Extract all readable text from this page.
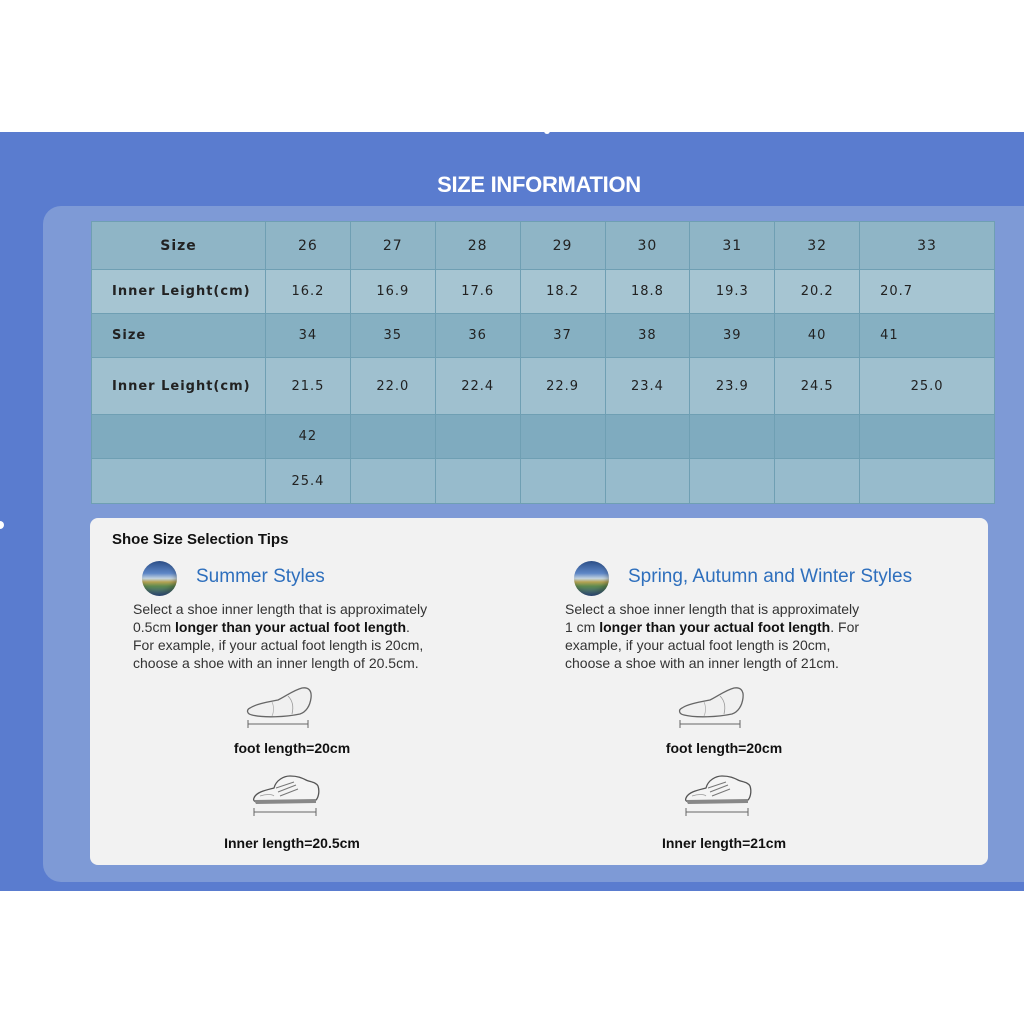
SIZE INFORMATION
Size	26	27	28	29	30	31	32	33
Inner Leight(cm)	16.2	16.9	17.6	18.2	18.8	19.3	20.2	20.7
Size	34	35	36	37	38	39	40	41
Inner Leight(cm)	21.5	22.0	22.4	22.9	23.4	23.9	24.5	25.0
	42							
	25.4							
Shoe Size Selection Tips
Summer Styles
Select a shoe inner length that is approximately
0.5cm longer than your actual foot length.
For example, if your actual foot length is 20cm,
choose a shoe with an inner length of 20.5cm.
foot length=20cm
Inner length=20.5cm
Spring, Autumn and Winter Styles
Select a shoe inner length that is approximately
1 cm longer than your actual foot length. For
example, if your actual foot length is 20cm,
choose a shoe with an inner length of 21cm.
foot length=20cm
Inner length=21cm
